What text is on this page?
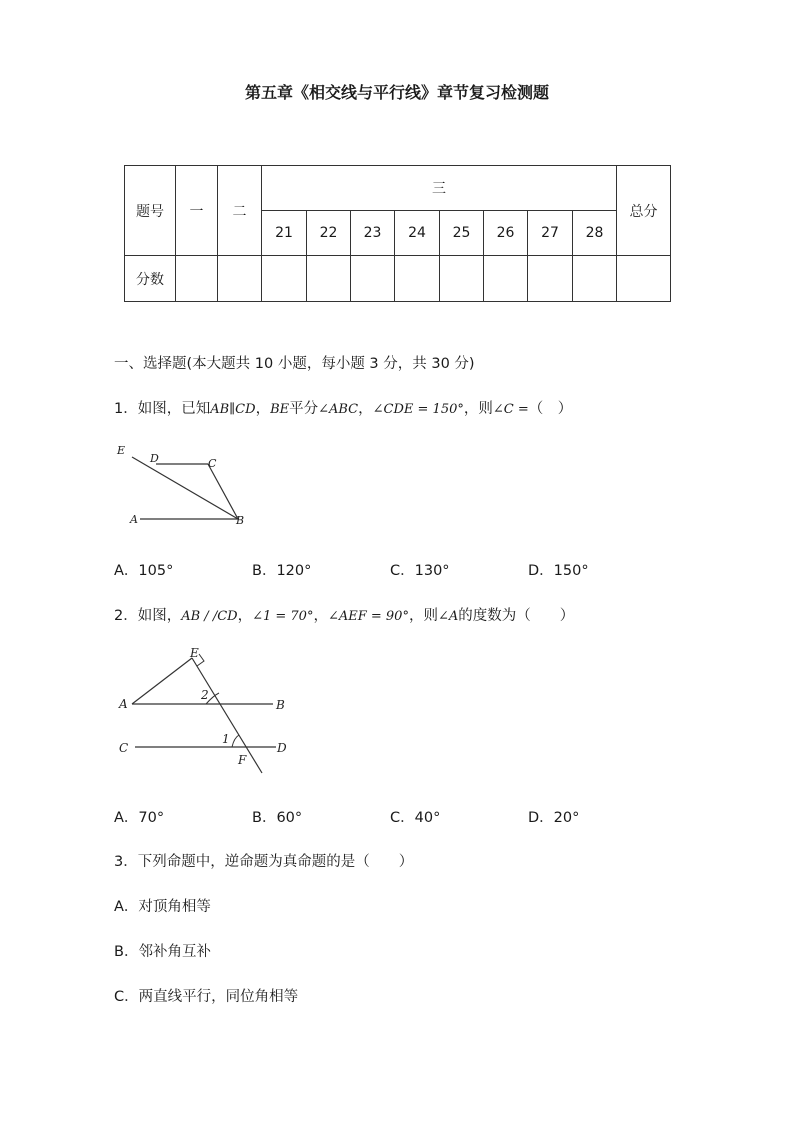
第五章《相交线与平行线》章节复习检测题
题号	一	二	三								总分
			21	22	23	24	25	26	27	28	
分数											
一、选择题(本大题共 10 小题，每小题 3 分，共 30 分)
1．如图，已知AB∥CD，BE平分∠ABC，∠CDE = 150°，则∠C =（　）
E
D	C
A	B
A．105°	B．120°	C．130°	D．150°
2．如图，AB / /CD，∠1 = 70°，∠AEF = 90°，则∠A的度数为（　　）
E
A	B
C	D
F
2
1
A．70°	B．60°	C．40°	D．20°
3．下列命题中，逆命题为真命题的是（　　）
A．对顶角相等
B．邻补角互补
C．两直线平行，同位角相等
